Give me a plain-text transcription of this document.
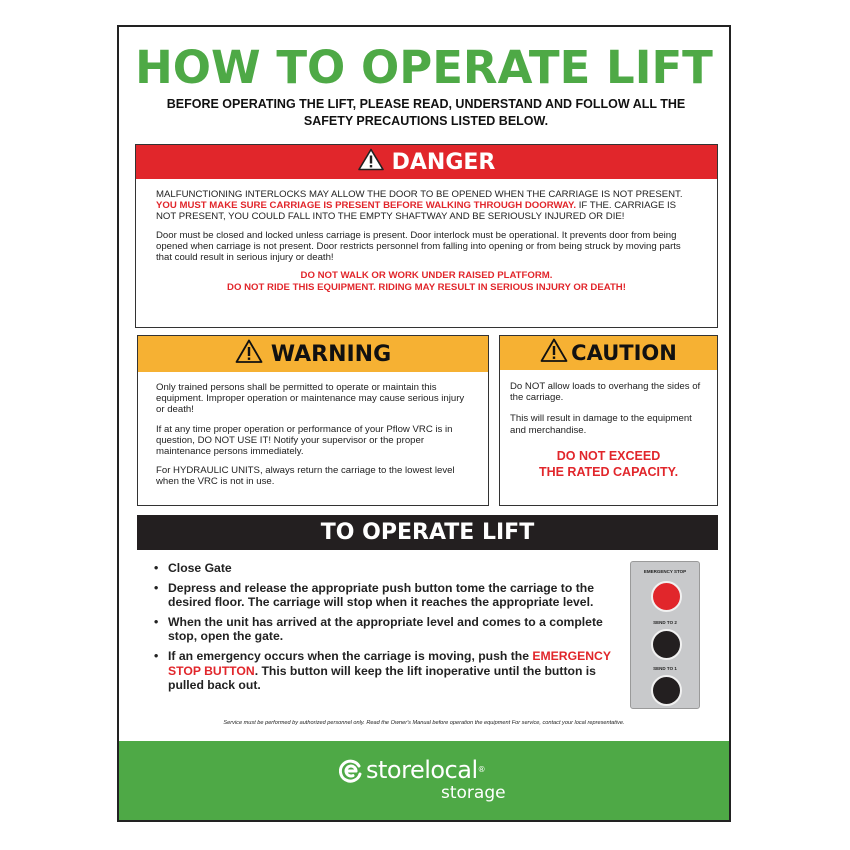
HOW TO OPERATE LIFT
BEFORE OPERATING THE LIFT, PLEASE READ, UNDERSTAND AND FOLLOW ALL THE SAFETY PRECAUTIONS LISTED BELOW.
DANGER

MALFUNCTIONING INTERLOCKS MAY ALLOW THE DOOR TO BE OPENED WHEN THE CARRIAGE IS NOT PRESENT. YOU MUST MAKE SURE CARRIAGE IS PRESENT BEFORE WALKING THROUGH DOORWAY. IF THE. CARRIAGE IS NOT PRESENT, YOU COULD FALL INTO THE EMPTY SHAFTWAY AND BE SERIOUSLY INJURED OR DIE!

Door must be closed and locked unless carriage is present. Door interlock must be operational. It prevents door from being opened when carriage is not present. Door restricts personnel from falling into opening or from being struck by moving parts that could result in serious injury or death!

DO NOT WALK OR WORK UNDER RAISED PLATFORM.
DO NOT RIDE THIS EQUIPMENT. RIDING MAY RESULT IN SERIOUS INJURY OR DEATH!
WARNING

Only trained persons shall be permitted to operate or maintain this equipment. Improper operation or maintenance may cause serious injury or death!

If at any time proper operation or performance of your Pflow VRC is in question, DO NOT USE IT! Notify your supervisor or the proper maintenance persons immediately.

For HYDRAULIC UNITS, always return the carriage to the lowest level when the VRC is not in use.

CAUTION

Do NOT allow loads to overhang the sides of the carriage.

This will result in damage to the equipment and merchandise.

DO NOT EXCEED
THE RATED CAPACITY.
TO OPERATE LIFT
• Close Gate
• Depress and release the appropriate push button tome the carriage to the desired floor. The carriage will stop when it reaches the appropriate level.
• When the unit has arrived at the appropriate level and comes to a complete stop, open the gate.
• If an emergency occurs when the carriage is moving, push the EMERGENCY STOP BUTTON. This button will keep the lift inoperative until the button is pulled back out.
EMERGENCY STOP
SEND TO 2
SEND TO 1
Service must be performed by authorized personnel only. Read the Owner's Manual before operation the equipment For service, contact your local representative.
storelocal®
storage
